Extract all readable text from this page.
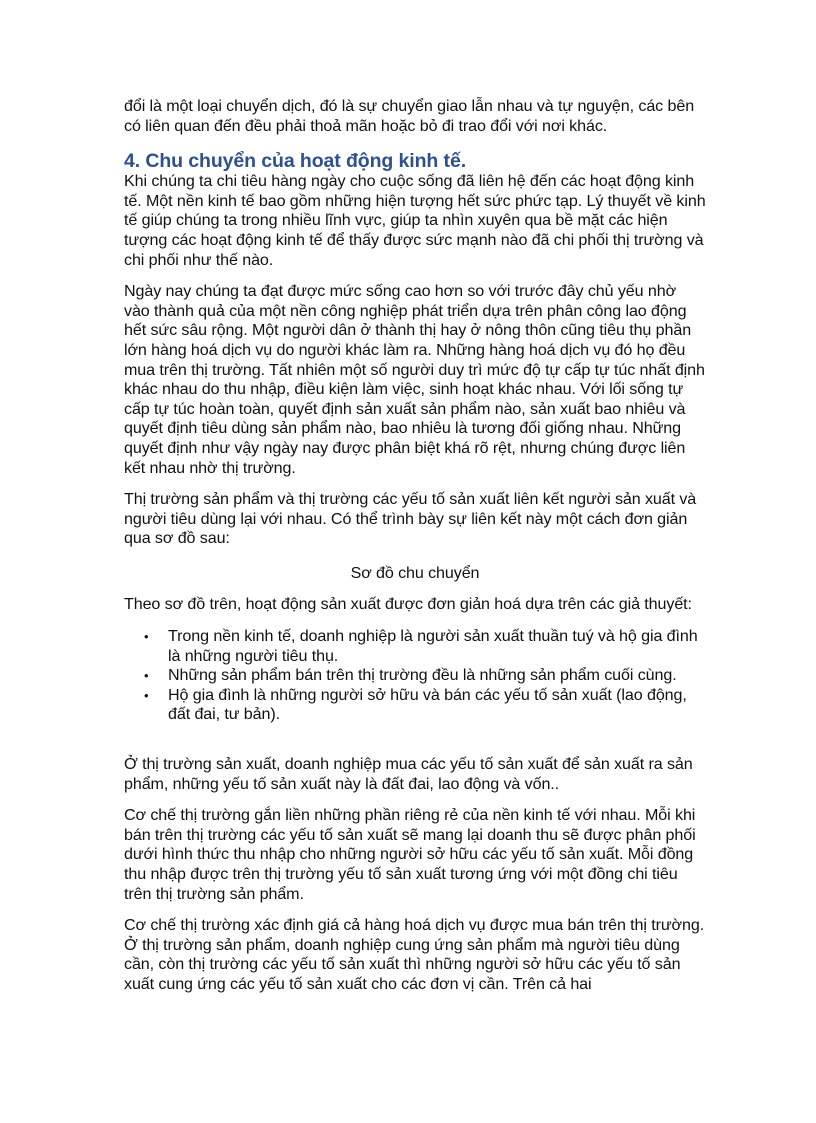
đổi là một loại chuyển dịch, đó là sự chuyển giao lẫn nhau và tự nguyện, các bên có liên quan đến đều phải thoả mãn hoặc bỏ đi trao đổi với nơi khác.

4. Chu chuyển của hoạt động kinh tế.

Khi chúng ta chi tiêu hàng ngày cho cuộc sống đã liên hệ đến các hoạt động kinh tế. Một nền kinh tế bao gồm những hiện tượng hết sức phức tạp. Lý thuyết về kinh tế giúp chúng ta trong nhiều lĩnh vực, giúp ta nhìn xuyên qua bề mặt các hiện tượng các hoạt động kinh tế để thấy được sức mạnh nào đã chi phối thị trường và chi phối như thế nào.

Ngày nay chúng ta đạt được mức sống cao hơn so với trước đây chủ yếu nhờ vào thành quả của một nền công nghiệp phát triển dựa trên phân công lao động hết sức sâu rộng. Một người dân ở thành thị hay ở nông thôn cũng tiêu thụ phần lớn hàng hoá dịch vụ do người khác làm ra. Những hàng hoá dịch vụ đó họ đều mua trên thị trường. Tất nhiên một số người duy trì mức độ tự cấp tự túc nhất định khác nhau do thu nhập, điều kiện làm việc, sinh hoạt khác nhau. Với lối sống tự cấp tự túc hoàn toàn, quyết định sản xuất sản phẩm nào, sản xuất bao nhiêu và quyết định tiêu dùng sản phẩm nào, bao nhiêu là tương đối giống nhau. Những quyết định như vậy ngày nay được phân biệt khá rõ rệt, nhưng chúng được liên kết nhau nhờ thị trường.

Thị trường sản phẩm và thị trường các yếu tố sản xuất liên kết người sản xuất và người tiêu dùng lại với nhau. Có thể trình bày sự liên kết này một cách đơn giản qua sơ đồ sau:

Sơ đồ chu chuyển

Theo sơ đồ trên, hoạt động sản xuất được đơn giản hoá dựa trên các giả thuyết:

• Trong nền kinh tế, doanh nghiệp là người sản xuất thuần tuý và hộ gia đình là những người tiêu thụ.
• Những sản phẩm bán trên thị trường đều là những sản phẩm cuối cùng.
• Hộ gia đình là những người sở hữu và bán các yếu tố sản xuất (lao động, đất đai, tư bản).

Ở thị trường sản xuất, doanh nghiệp mua các yếu tố sản xuất để sản xuất ra sản phẩm, những yếu tố sản xuất này là đất đai, lao động và vốn..

Cơ chế thị trường gắn liền những phần riêng rẻ của nền kinh tế với nhau. Mỗi khi bán trên thị trường các yếu tố sản xuất sẽ mang lại doanh thu sẽ được phân phối dưới hình thức thu nhập cho những người sở hữu các yếu tố sản xuất. Mỗi đồng thu nhập được trên thị trường yếu tố sản xuất tương ứng với một đồng chi tiêu trên thị trường sản phẩm.

Cơ chế thị trường xác định giá cả hàng hoá dịch vụ được mua bán trên thị trường. Ở thị trường sản phẩm, doanh nghiệp cung ứng sản phẩm mà người tiêu dùng cần, còn thị trường các yếu tố sản xuất thì những người sở hữu các yếu tố sản xuất cung ứng các yếu tố sản xuất cho các đơn vị cần. Trên cả hai
